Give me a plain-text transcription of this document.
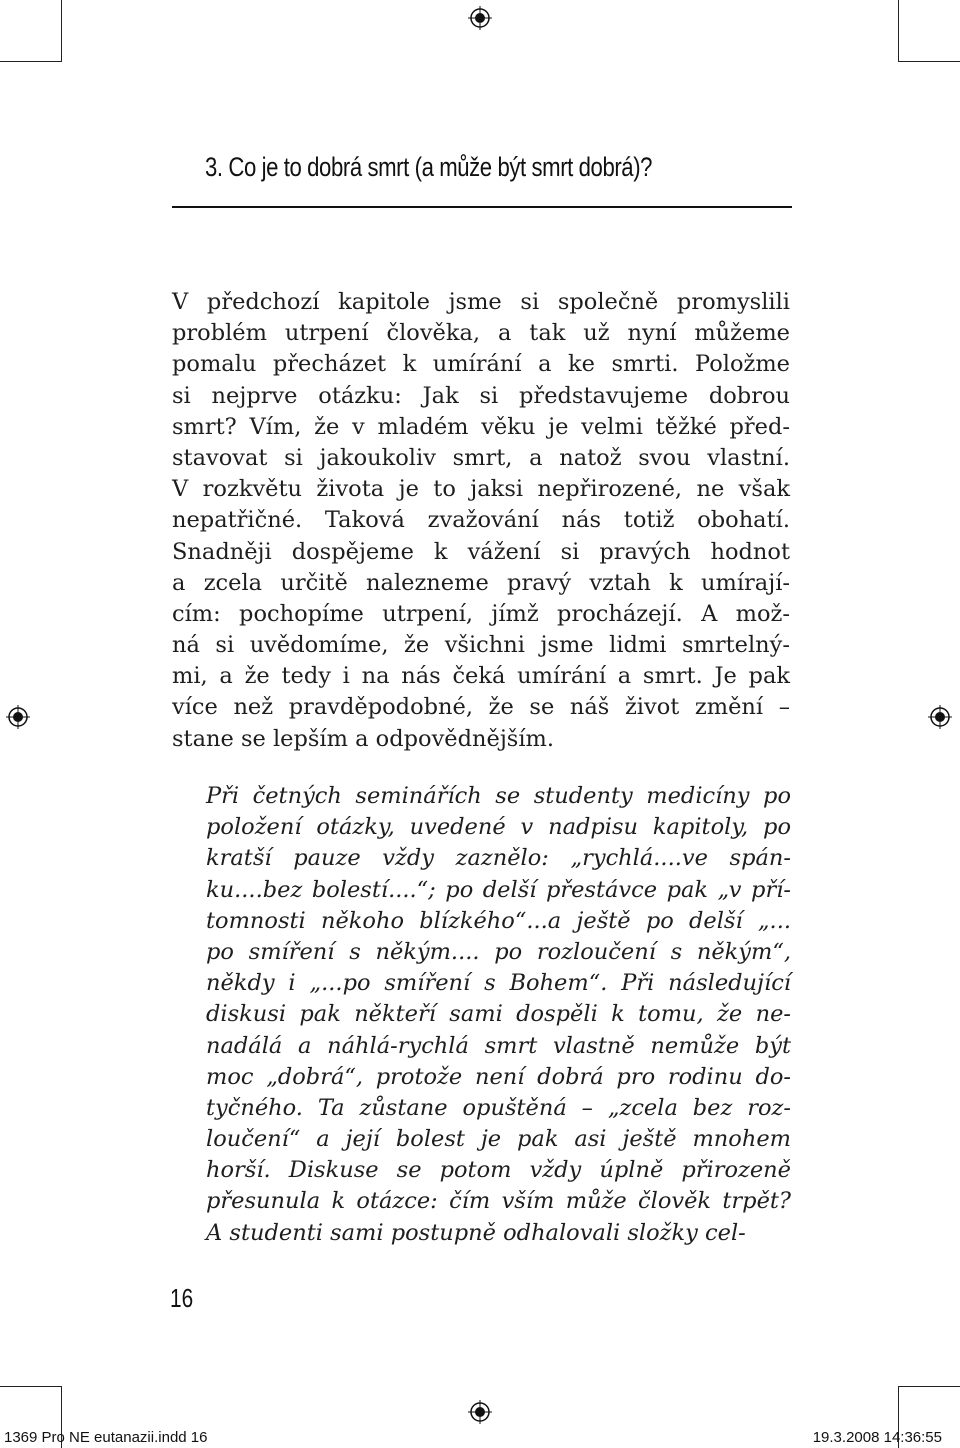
3. Co je to dobrá smrt (a může být smrt dobrá)?
V předchozí kapitole jsme si společně promyslili
problém utrpení člověka, a tak už nyní můžeme
pomalu přecházet k umírání a ke smrti. Položme
si nejprve otázku: Jak si představujeme dobrou
smrt? Vím, že v mladém věku je velmi těžké před-
stavovat si jakoukoliv smrt, a natož svou vlastní.
V rozkvětu života je to jaksi nepřirozené, ne však
nepatřičné. Taková zvažování nás totiž obohatí.
Snadněji dospějeme k vážení si pravých hodnot
a zcela určitě nalezneme pravý vztah k umírají-
cím: pochopíme utrpení, jímž procházejí. A mož-
ná si uvědomíme, že všichni jsme lidmi smrtelný-
mi, a že tedy i na nás čeká umírání a smrt. Je pak
více než pravděpodobné, že se náš život změní –
stane se lepším a odpovědnějším.
Při četných seminářích se studenty medicíny po
položení otázky, uvedené v nadpisu kapitoly, po
kratší pauze vždy zaznělo: „rychlá....ve spán-
ku....bez bolestí....“; po delší přestávce pak „v pří-
tomnosti někoho blízkého“...a ještě po delší „...
po smíření s někým.... po rozloučení s někým“,
někdy i „...po smíření s Bohem“. Při následující
diskusi pak někteří sami dospěli k tomu, že ne-
nadálá a náhlá-rychlá smrt vlastně nemůže být
moc „dobrá“, protože není dobrá pro rodinu do-
tyčného. Ta zůstane opuštěná – „zcela bez roz-
loučení“ a její bolest je pak asi ještě mnohem
horší. Diskuse se potom vždy úplně přirozeně
přesunula k otázce: čím vším může člověk trpět?
A studenti sami postupně odhalovali složky cel-
16
1369 Pro NE eutanazii.indd 16	19.3.2008 14:36:55
